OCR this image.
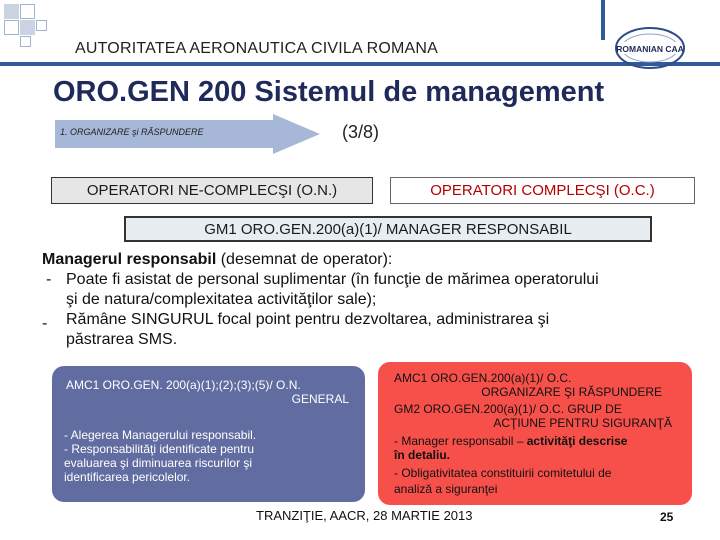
AUTORITATEA AERONAUTICA CIVILA ROMANA	ROMANIAN CAA
ORO.GEN 200 Sistemul de management
1. ORGANIZARE şi RĂSPUNDERE	(3/8)
OPERATORI NE-COMPLECŞI (O.N.)	OPERATORI COMPLECŞI (O.C.)
GM1 ORO.GEN.200(a)(1)/ MANAGER RESPONSABIL
Managerul responsabil (desemnat de operator):
- Poate fi asistat de personal suplimentar (în funcţie de mărimea operatorului
şi de natura/complexitatea activităţilor sale);
- Rămâne SINGURUL focal point pentru dezvoltarea, administrarea şi
păstrarea SMS.
AMC1 ORO.GEN. 200(a)(1);(2);(3);(5)/ O.N.
GENERAL
- Alegerea Managerului responsabil.
- Responsabilităţi identificate pentru
evaluarea şi diminuarea riscurilor şi
identificarea pericolelor.
AMC1 ORO.GEN.200(a)(1)/ O.C.
ORGANIZARE ŞI RĂSPUNDERE
GM2 ORO.GEN.200(a)(1)/ O.C. GRUP DE
ACŢIUNE PENTRU SIGURANŢĂ
- Manager responsabil – activităţi descrise
în detaliu.
- Obligativitatea constituirii comitetului de
analiză a siguranţei
TRANZIŢIE, AACR, 28 MARTIE 2013	25
